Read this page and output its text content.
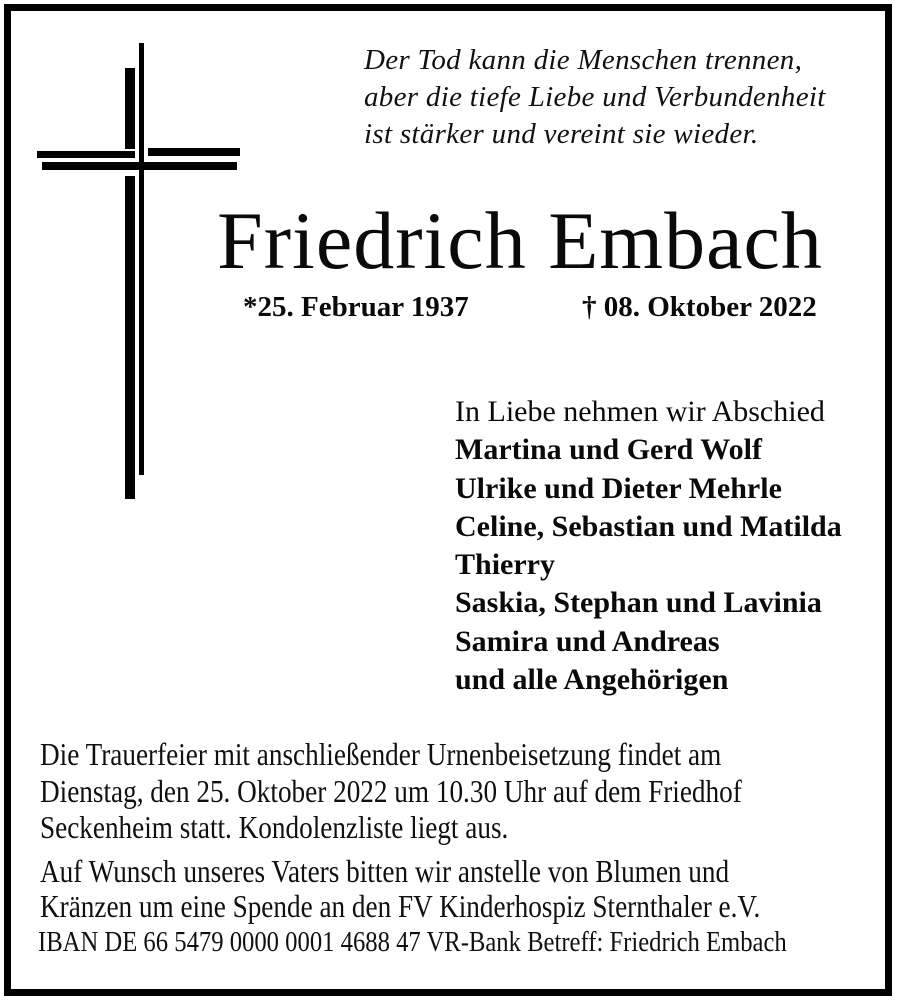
Der Tod kann die Menschen trennen,
aber die tiefe Liebe und Verbundenheit
ist stärker und vereint sie wieder.
Friedrich Embach
*25. Februar 1937	† 08. Oktober 2022
In Liebe nehmen wir Abschied
Martina und Gerd Wolf
Ulrike und Dieter Mehrle
Celine, Sebastian und Matilda
Thierry
Saskia, Stephan und Lavinia
Samira und Andreas
und alle Angehörigen
Die Trauerfeier mit anschließender Urnenbeisetzung findet am
Dienstag, den 25. Oktober 2022 um 10.30 Uhr auf dem Friedhof
Seckenheim statt. Kondolenzliste liegt aus.
Auf Wunsch unseres Vaters bitten wir anstelle von Blumen und
Kränzen um eine Spende an den FV Kinderhospiz Sternthaler e.V.
IBAN DE 66 5479 0000 0001 4688 47 VR-Bank Betreff: Friedrich Embach
